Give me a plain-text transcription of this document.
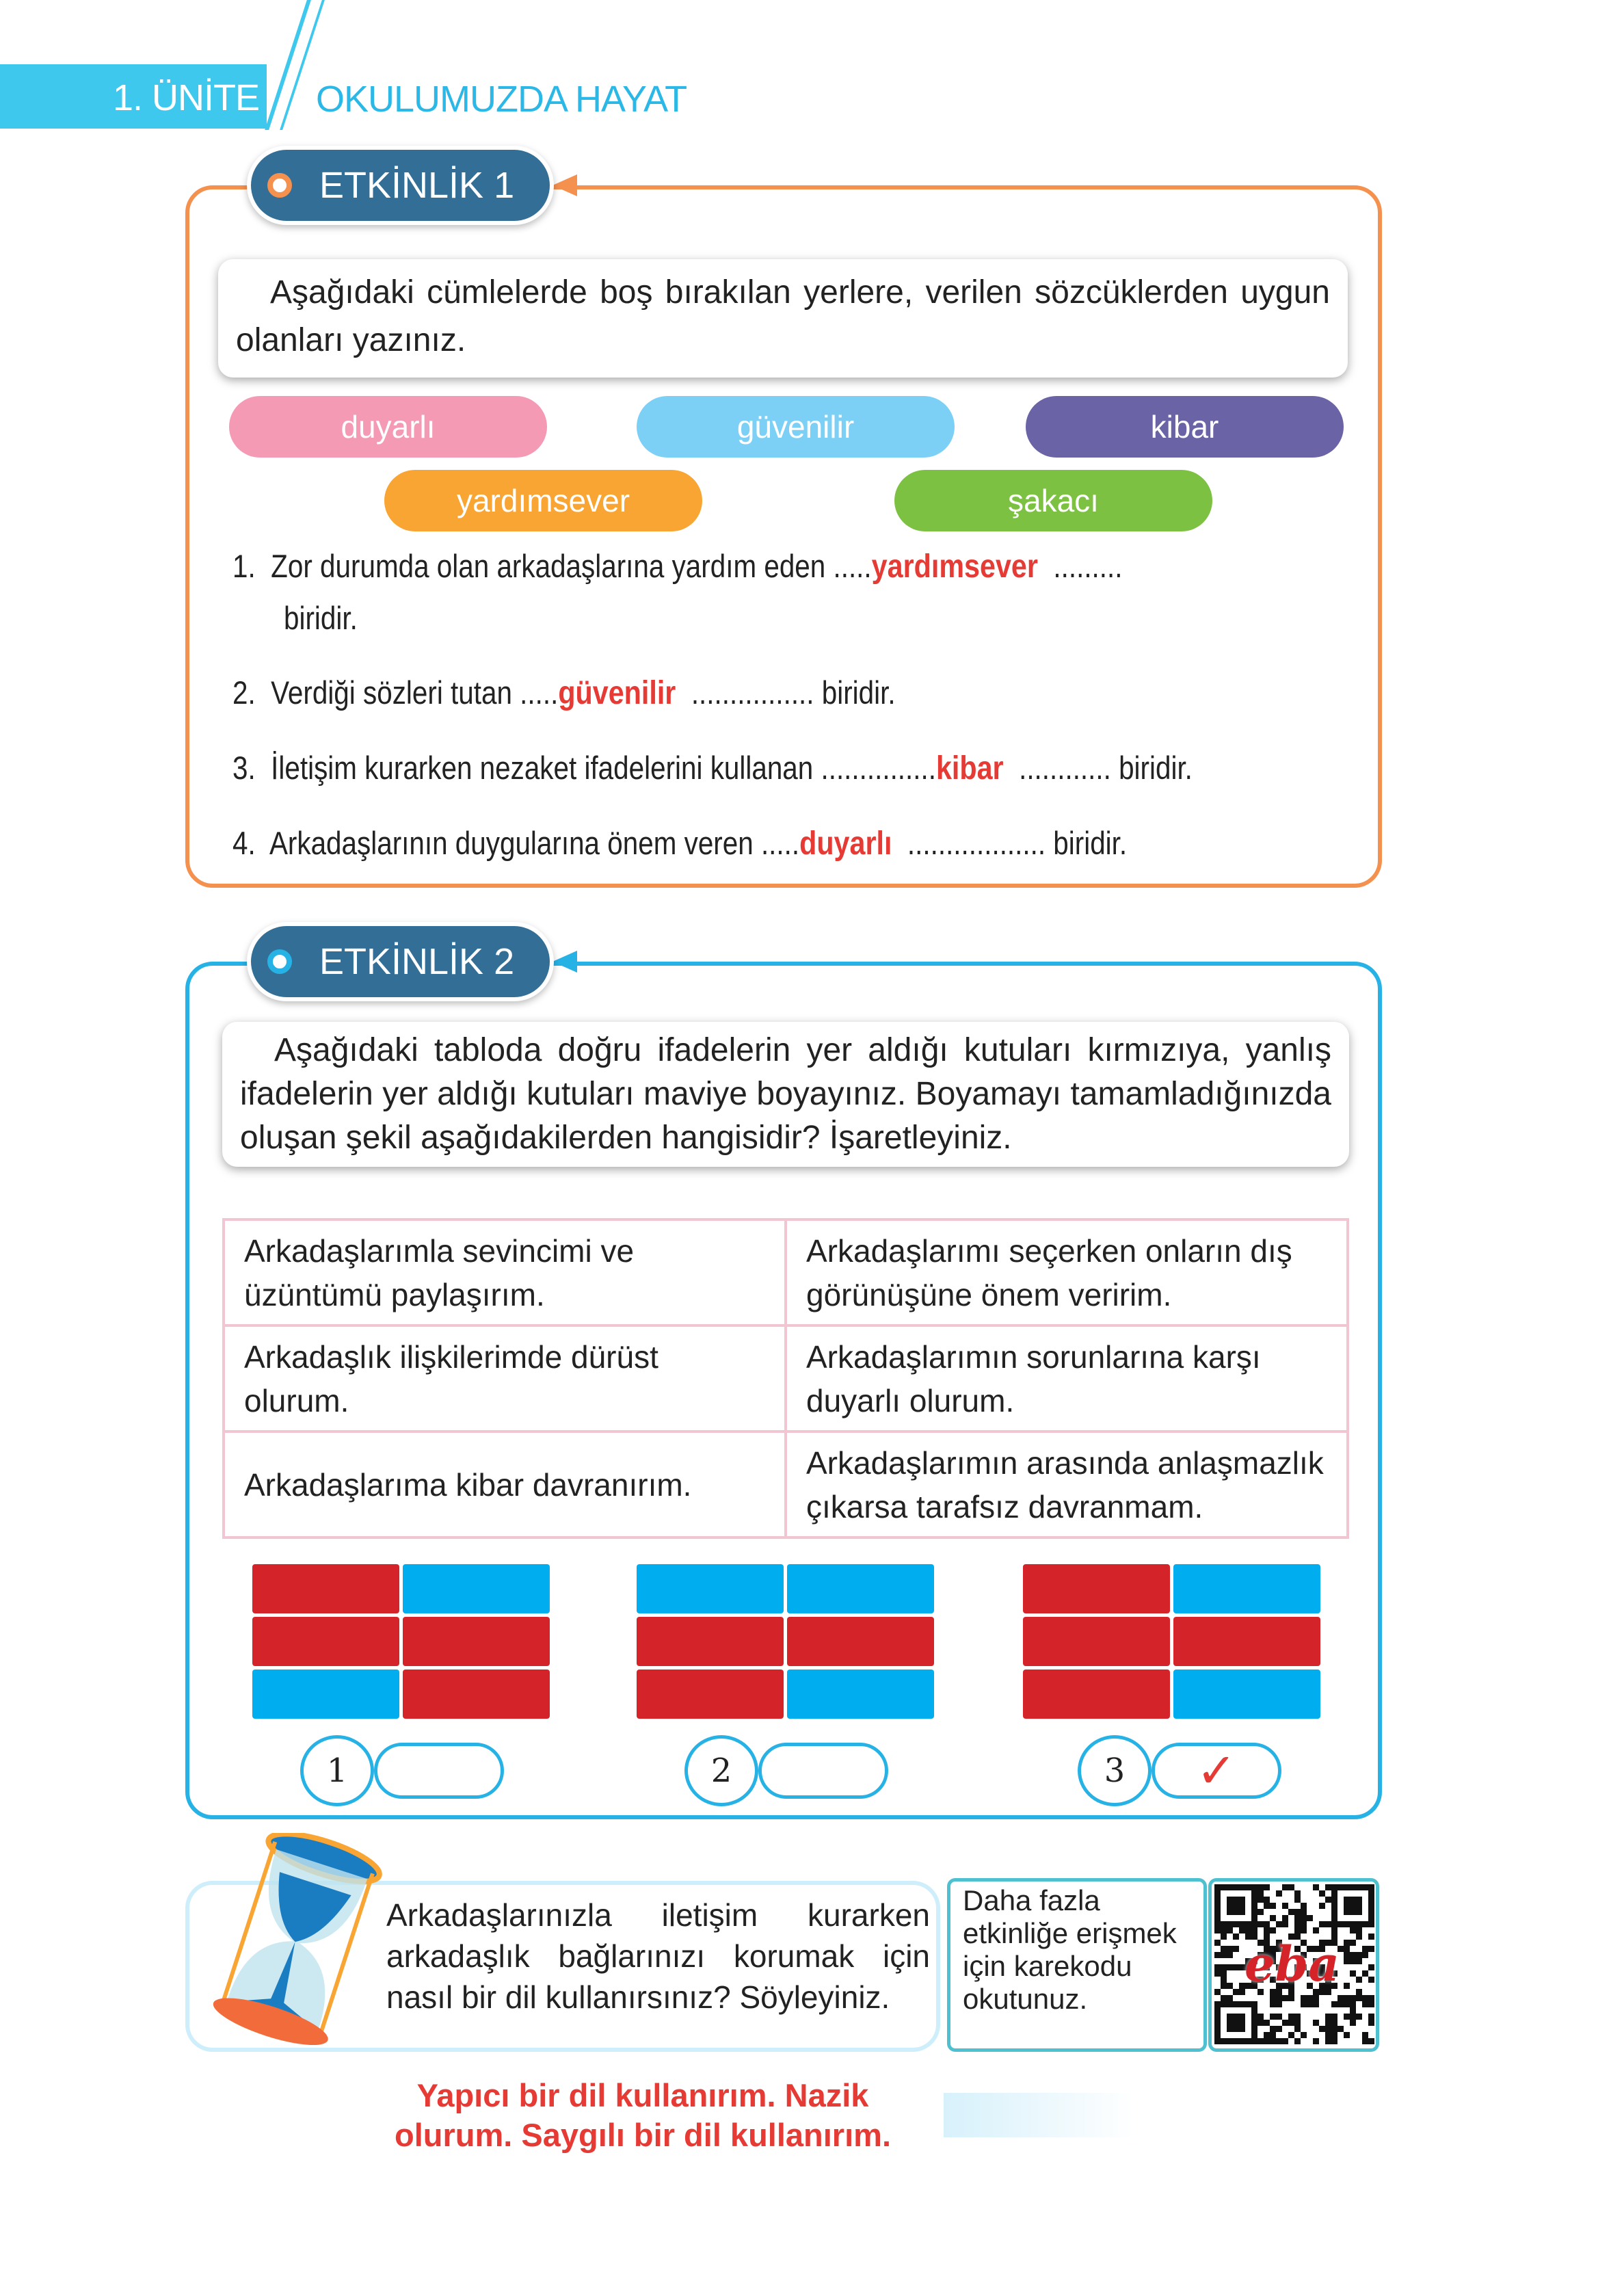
1. ÜNİTE OKULUMUZDA HAYAT
ETKİNLİK 1
Aşağıdaki cümlelerde boş bırakılan yerlere, verilen sözcüklerden uygun olanları yazınız.
duyarlı	güvenilir	kibar
yardımsever	şakacı
1. Zor durumda olan arkadaşlarına yardım eden .....yardımsever .........
biridir.
2. Verdiği sözleri tutan .....güvenilir ................ biridir.
3. İletişim kurarken nezaket ifadelerini kullanan ...............kibar ............ biridir.
4. Arkadaşlarının duygularına önem veren .....duyarlı .................. biridir.
ETKİNLİK 2
Aşağıdaki tabloda doğru ifadelerin yer aldığı kutuları kırmızıya, yanlış ifadelerin yer aldığı kutuları maviye boyayınız. Boyamayı tamamladığınızda oluşan şekil aşağıdakilerden hangisidir? İşaretleyiniz.
Arkadaşlarımla sevincimi ve üzüntümü paylaşırım.	Arkadaşlarımı seçerken onların dış görünüşüne önem veririm.
Arkadaşlık ilişkilerimde dürüst olurum.	Arkadaşlarımın sorunlarına karşı duyarlı olurum.
Arkadaşlarıma kibar davranırım.	Arkadaşlarımın arasında anlaşmazlık çıkarsa tarafsız davranmam.
1	2	3	✓
Arkadaşlarınızla iletişim kurarken arkadaşlık bağlarınızı korumak için nasıl bir dil kullanırsınız? Söyleyiniz.
Yapıcı bir dil kullanırım. Nazik olurum. Saygılı bir dil kullanırım.
Daha fazla etkinliğe erişmek için karekodu okutunuz.
eba
